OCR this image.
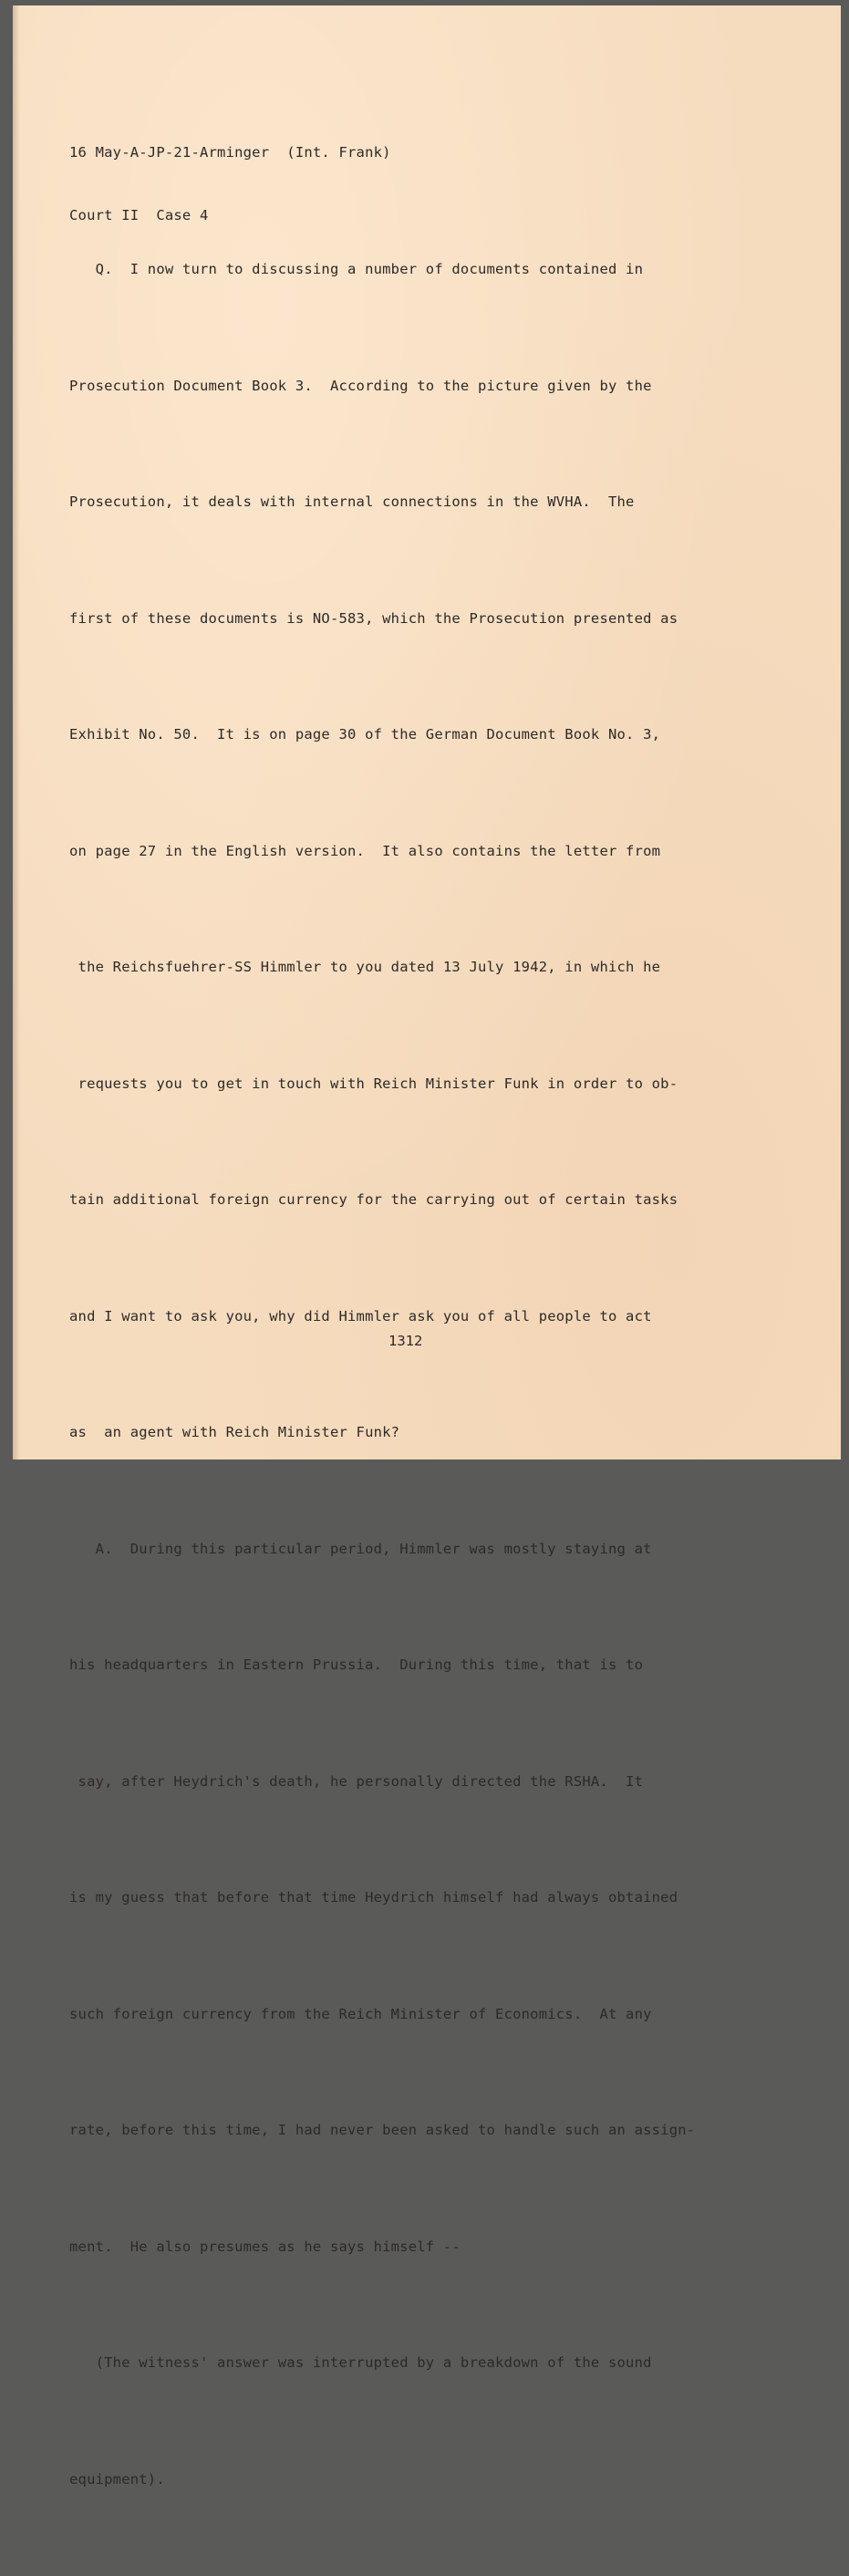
16 May-A-JP-21-Arminger  (Int. Frank)

Court II  Case 4

Q.  I now turn to discussing a number of documents contained in

Prosecution Document Book 3.  According to the picture given by the

Prosecution, it deals with internal connections in the WVHA.  The

first of these documents is NO-583, which the Prosecution presented as

Exhibit No. 50.  It is on page 30 of the German Document Book No. 3,

on page 27 in the English version.  It also contains the letter from

the Reichsfuehrer-SS Himmler to you dated 13 July 1942, in which he

requests you to get in touch with Reich Minister Funk in order to ob-

tain additional foreign currency for the carrying out of certain tasks

and I want to ask you, why did Himmler ask you of all people to act

as  an agent with Reich Minister Funk?

A.  During this particular period, Himmler was mostly staying at

his headquarters in Eastern Prussia.  During this time, that is to

say, after Heydrich's death, he personally directed the RSHA.  It

is my guess that before that time Heydrich himself had always obtained

such foreign currency from the Reich Minister of Economics.  At any

rate, before this time, I had never been asked to handle such an assign-

ment.  He also presumes as he says himself --

(The witness' answer was interrupted by a breakdown of the sound

equipment).

1312
